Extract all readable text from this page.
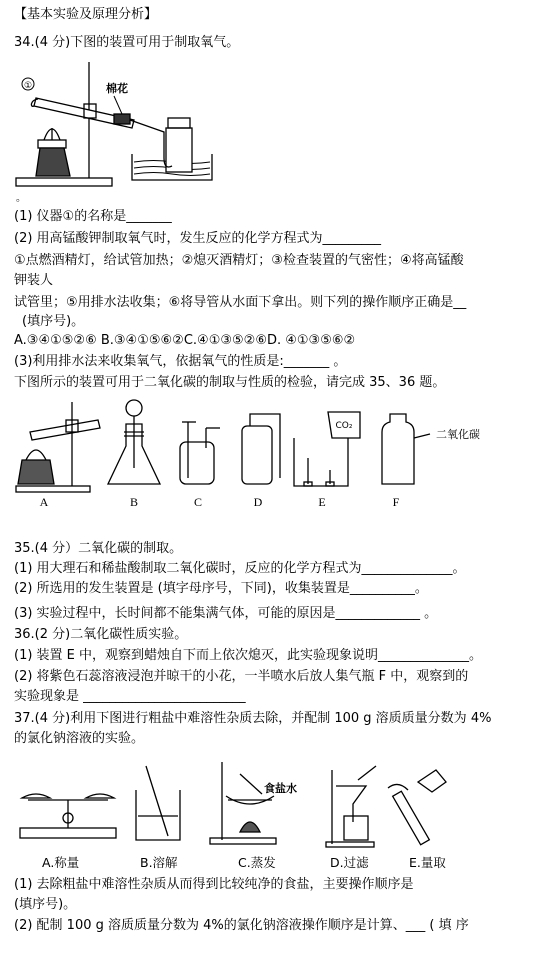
【基本实验及原理分析】
34.(4 分)下图的装置可用于制取氧气。
①	棉花
。
(1) 仪器①的名称是_______
(2) 用高锰酸钾制取氧气时，发生反应的化学方程式为_________
①点燃酒精灯，给试管加热；②熄灭酒精灯；③检查装置的气密性；④将高锰酸
钾装人
试管里；⑤用排水法收集；⑥将导管从水面下拿出。则下列的操作顺序正确是__
(填序号)。
A.③④①⑤②⑥ B.③④①⑤⑥②C.④①③⑤②⑥D. ④①③⑤⑥②
(3)利用排水法来收集氧气，依据氧气的性质是:_______ 。
下图所示的装置可用于二氧化碳的制取与性质的检验，请完成 35、36 题。
CO₂
二氧化碳
A	B	C	D	E	F
35.(4 分）二氧化碳的制取。
(1) 用大理石和稀盐酸制取二氧化碳时，反应的化学方程式为______________。
(2) 所选用的发生装置是 (填字母序号，下同)，收集装置是__________。
(3) 实验过程中，长时间都不能集满气体，可能的原因是_____________ 。
36.(2 分)二氧化碳性质实验。
(1) 装置 E 中，观察到蜡烛自下而上依次熄灭，此实验现象说明______________。
(2) 将紫色石蕊溶液浸泡并晾干的小花，一半喷水后放人集气瓶 F 中，观察到的
实验现象是 _________________________
37.(4 分)利用下图进行粗盐中难溶性杂质去除，并配制 100 g 溶质质量分数为 4%
的氯化钠溶液的实验。
食盐水
A.称量	B.溶解	C.蒸发	D.过滤	E.量取
(1) 去除粗盐中难溶性杂质从而得到比较纯净的食盐，主要操作顺序是
(填序号)。
(2) 配制 100 g 溶质质量分数为 4%的氯化钠溶液操作顺序是计算、___ ( 填 序
